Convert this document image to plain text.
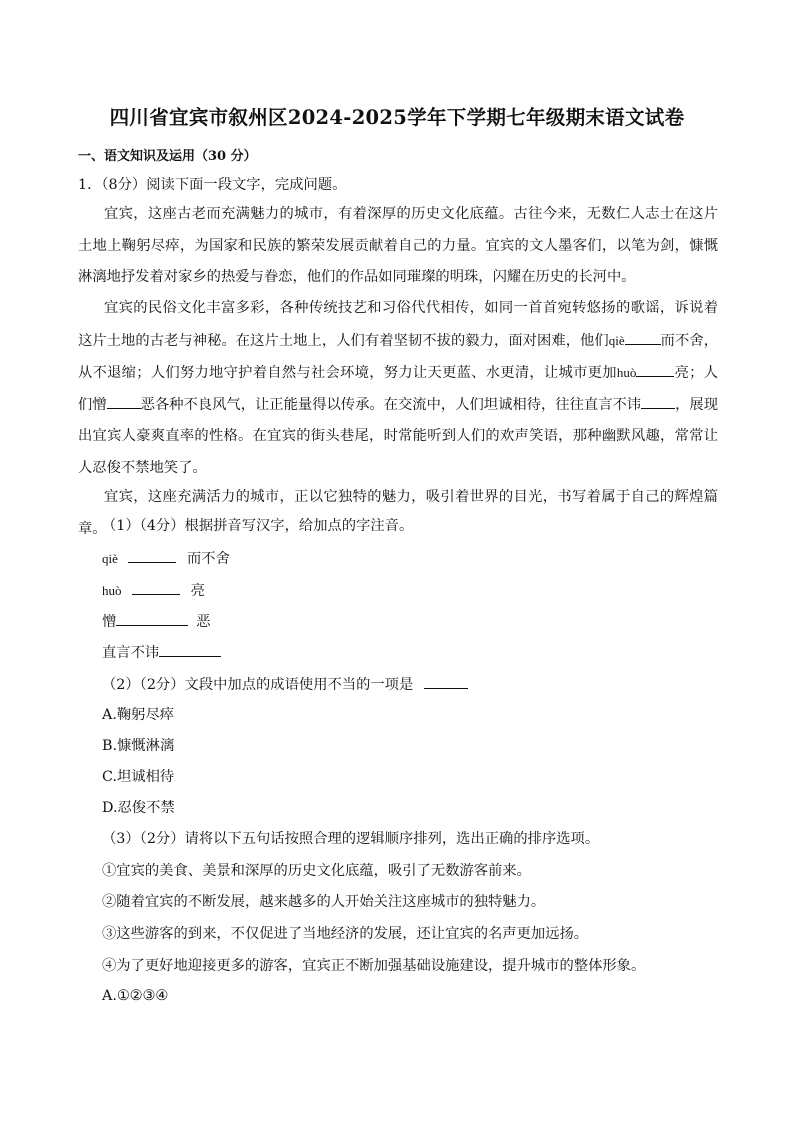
四川省宜宾市叙州区2024-2025学年下学期七年级期末语文试卷
一、语文知识及运用（30 分）
1．（8分）阅读下面一段文字，完成问题。
宜宾，这座古老而充满魅力的城市，有着深厚的历史文化底蕴。古往今来，无数仁人志士在这片土地上鞠躬尽瘁，为国家和民族的繁荣发展贡献着自己的力量。宜宾的文人墨客们，以笔为剑，慷慨淋漓地抒发着对家乡的热爱与眷恋，他们的作品如同璀璨的明珠，闪耀在历史的长河中。
宜宾的民俗文化丰富多彩，各种传统技艺和习俗代代相传，如同一首首宛转悠扬的歌谣，诉说着这片土地的古老与神秘。在这片土地上，人们有着坚韧不拔的毅力，面对困难，他们qiè	而不舍，从不退缩；人们努力地守护着自然与社会环境，努力让天更蓝、水更清，让城市更加huò	亮；人们憎 恶各种不良风气，让正能量得以传承。在交流中，人们坦诚相待，往往直言不讳 ，展现出宜宾人豪爽直率的性格。在宜宾的街头巷尾，时常能听到人们的欢声笑语，那种幽默风趣，常常让人忍俊不禁地笑了。
宜宾，这座充满活力的城市，正以它独特的魅力，吸引着世界的目光，书写着属于自己的辉煌篇章。
（1）（4分）根据拼音写汉字，给加点的字注音。
qiè	而不舍
huò	亮
憎	恶
直言不讳
（2）（2分）文段中加点的成语使用不当的一项是
A.鞠躬尽瘁
B.慷慨淋漓
C.坦诚相待
D.忍俊不禁
（3）（2分）请将以下五句话按照合理的逻辑顺序排列，选出正确的排序选项。
①宜宾的美食、美景和深厚的历史文化底蕴，吸引了无数游客前来。
②随着宜宾的不断发展，越来越多的人开始关注这座城市的独特魅力。
③这些游客的到来，不仅促进了当地经济的发展，还让宜宾的名声更加远扬。
④为了更好地迎接更多的游客，宜宾正不断加强基础设施建设，提升城市的整体形象。
A.①②③④
